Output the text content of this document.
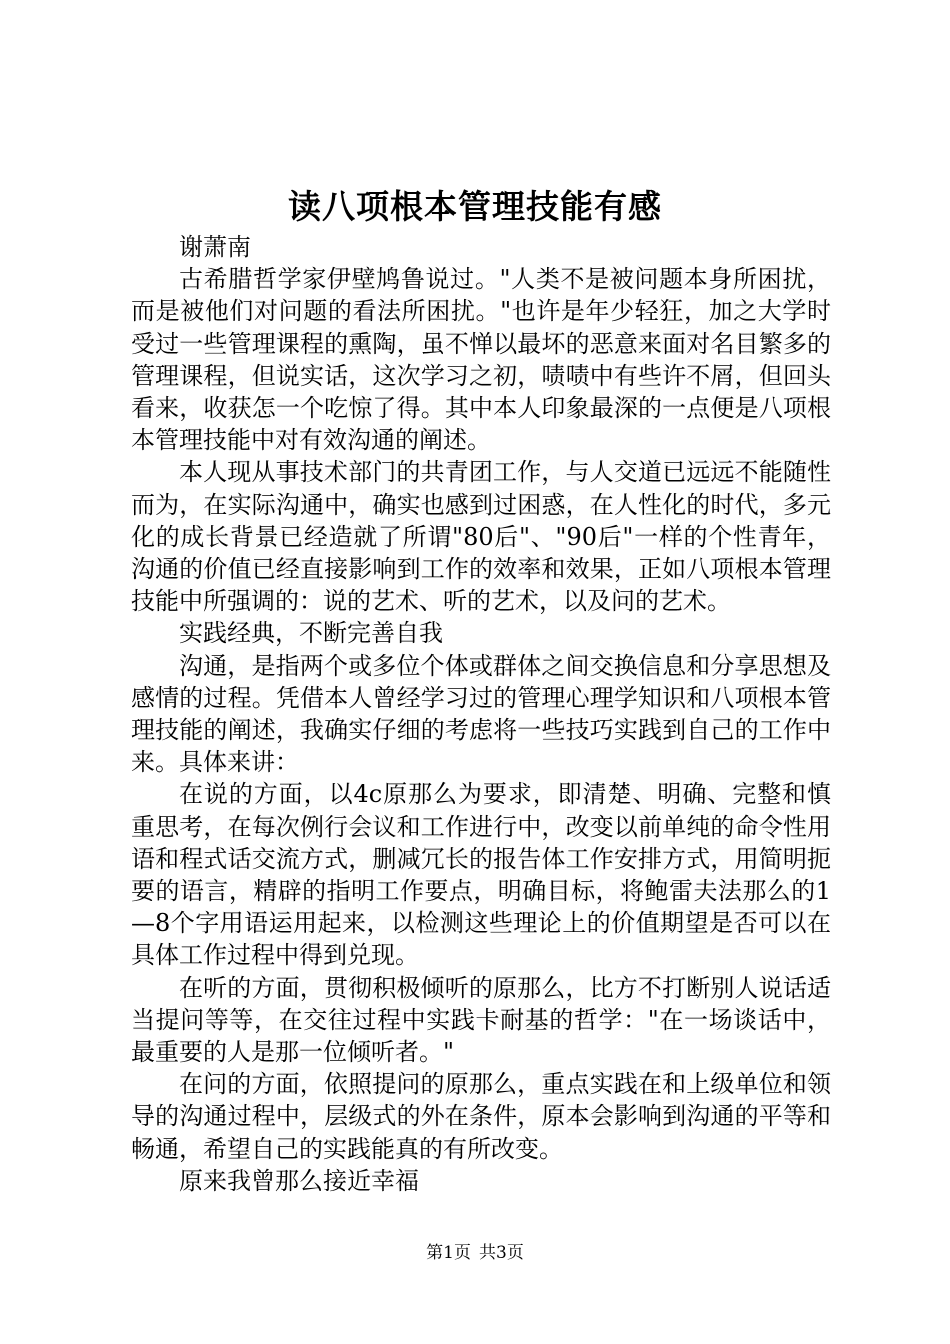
读八项根本管理技能有感

谢萧南

古希腊哲学家伊壁鸠鲁说过。"人类不是被问题本身所困扰，而是被他们对问题的看法所困扰。"也许是年少轻狂，加之大学时受过一些管理课程的熏陶，虽不惮以最坏的恶意来面对名目繁多的管理课程，但说实话，这次学习之初，啧啧中有些许不屑，但回头看来，收获怎一个吃惊了得。其中本人印象最深的一点便是八项根本管理技能中对有效沟通的阐述。

本人现从事技术部门的共青团工作，与人交道已远远不能随性而为，在实际沟通中，确实也感到过困惑，在人性化的时代，多元化的成长背景已经造就了所谓"80后"、"90后"一样的个性青年，沟通的价值已经直接影响到工作的效率和效果，正如八项根本管理技能中所强调的：说的艺术、听的艺术，以及问的艺术。

实践经典，不断完善自我

沟通，是指两个或多位个体或群体之间交换信息和分享思想及感情的过程。凭借本人曾经学习过的管理心理学知识和八项根本管理技能的阐述，我确实仔细的考虑将一些技巧实践到自己的工作中来。具体来讲：

在说的方面，以4c原那么为要求，即清楚、明确、完整和慎重思考，在每次例行会议和工作进行中，改变以前单纯的命令性用语和程式话交流方式，删减冗长的报告体工作安排方式，用简明扼要的语言，精辟的指明工作要点，明确目标，将鲍雷夫法那么的1—8个字用语运用起来，以检测这些理论上的价值期望是否可以在具体工作过程中得到兑现。

在听的方面，贯彻积极倾听的原那么，比方不打断别人说话适当提问等等，在交往过程中实践卡耐基的哲学："在一场谈话中，最重要的人是那一位倾听者。"

在问的方面，依照提问的原那么，重点实践在和上级单位和领导的沟通过程中，层级式的外在条件，原本会影响到沟通的平等和畅通，希望自己的实践能真的有所改变。

原来我曾那么接近幸福

第1页 共3页
